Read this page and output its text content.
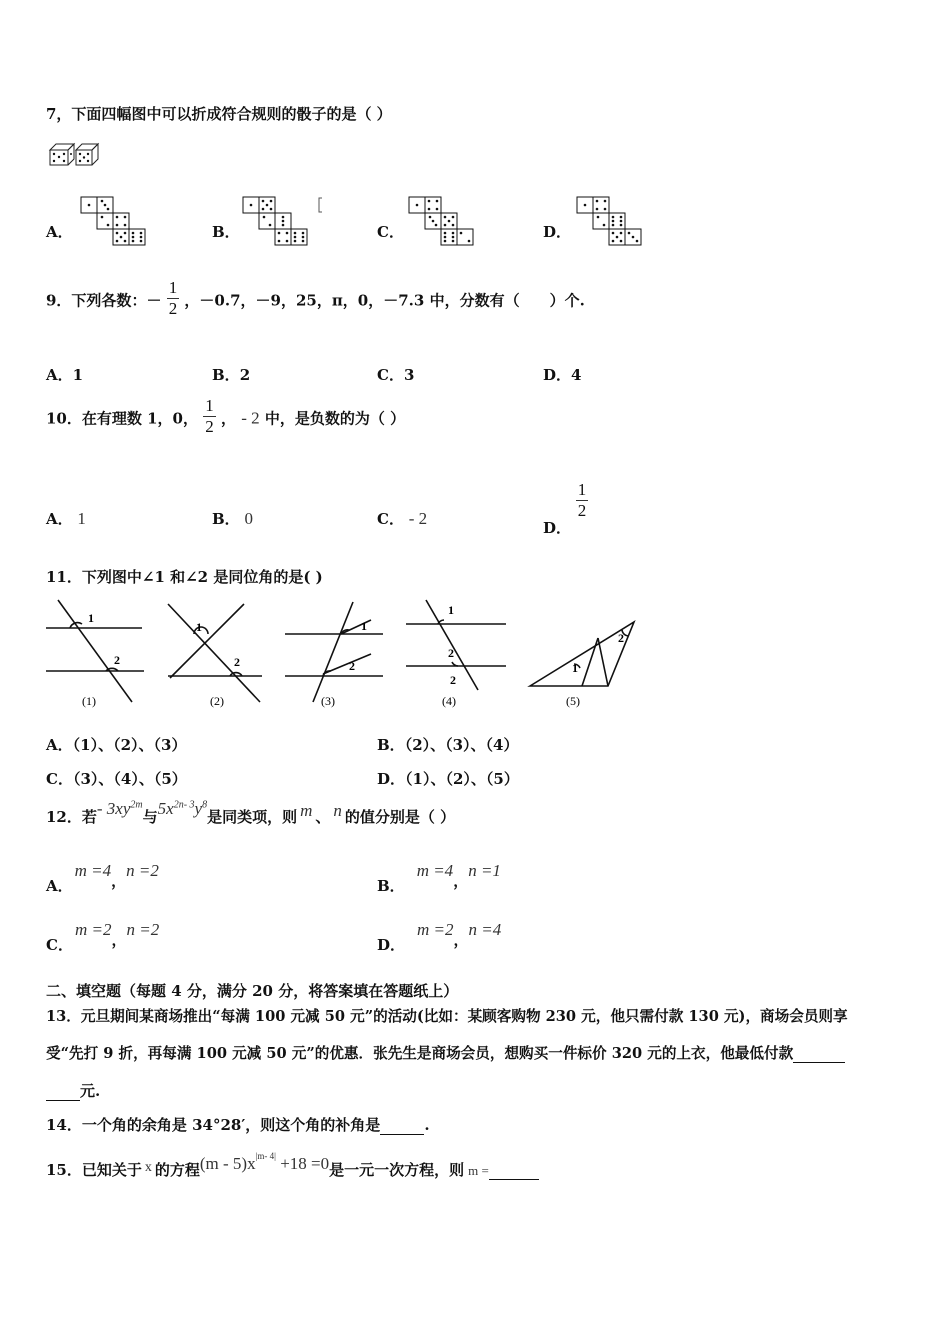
7，下面四幅图中可以折成符合规则的骰子的是（ ）
A．	B．	C．	D．
9．下列各数：－ $\frac{1}{2}$ ，－0.7，－9，25，π，0，－7.3 中，分数有（　　）个.
A．1	B．2	C．3	D．4
10．在有理数 1，0， $\frac{1}{2}$ ， - 2 中，是负数的为（ ）
A． 1	B． 0	C． - 2	D．
$\frac{1}{2}$
11．下列图中∠1 和∠2 是同位角的是( )
1
2
(1)
1
2
(2)
1
2
(3)
1
2
2
(4)
1
2
(5)
A．（1）、（2）、（3）	B．（2）、（3）、（4）
C．（3）、（4）、（5）	D．（1）、（2）、（5）
12．若- $3xy^{2m}$与$5x^{2n- 3}y^8$是同类项，则 m 、 n 的值分别是（ ）
A．m =4，n =2
B．m =4，n =1
C．m =2，n =2
D．m =2，n =4
二、填空题（每题 4 分，满分 20 分，将答案填在答题纸上）
13．元旦期间某商场推出“每满 100 元减 50 元”的活动(比如：某顾客购物 230 元，他只需付款 130 元)，商场会员则享
受“先打 9 折，再每满 100 元减 50 元”的优惠．张先生是商场会员，想购买一件标价 320 元的上衣，他最低付款
元.
14．一个角的余角是 34°28′，则这个角的补角是	.
15．已知关于 x 的方程$(m - 5)x^{|m- 4|} +18 =0$是一元一次方程，则 m =
